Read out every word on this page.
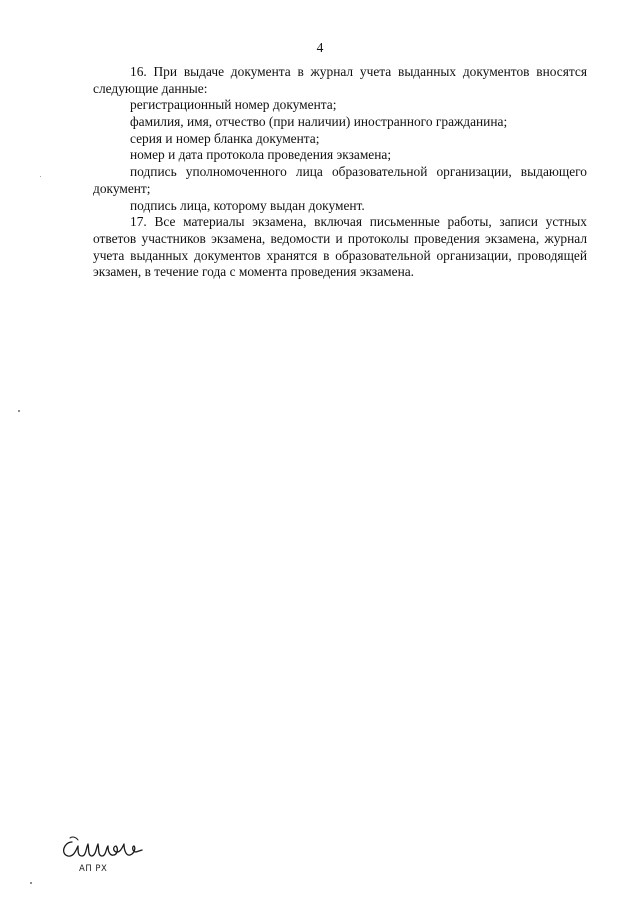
4
16. При выдаче документа в журнал учета выданных документов вносятся
следующие данные:
регистрационный номер документа;
фамилия, имя, отчество (при наличии) иностранного гражданина;
серия и номер бланка документа;
номер и дата протокола проведения экзамена;
подпись уполномоченного лица образовательной организации, выдающего
документ;
подпись лица, которому выдан документ.
17. Все материалы экзамена, включая письменные работы, записи устных
ответов участников экзамена, ведомости и протоколы проведения экзамена, журнал
учета выданных документов хранятся в образовательной организации, проводящей
экзамен, в течение года с момента проведения экзамена.
АП РХ
